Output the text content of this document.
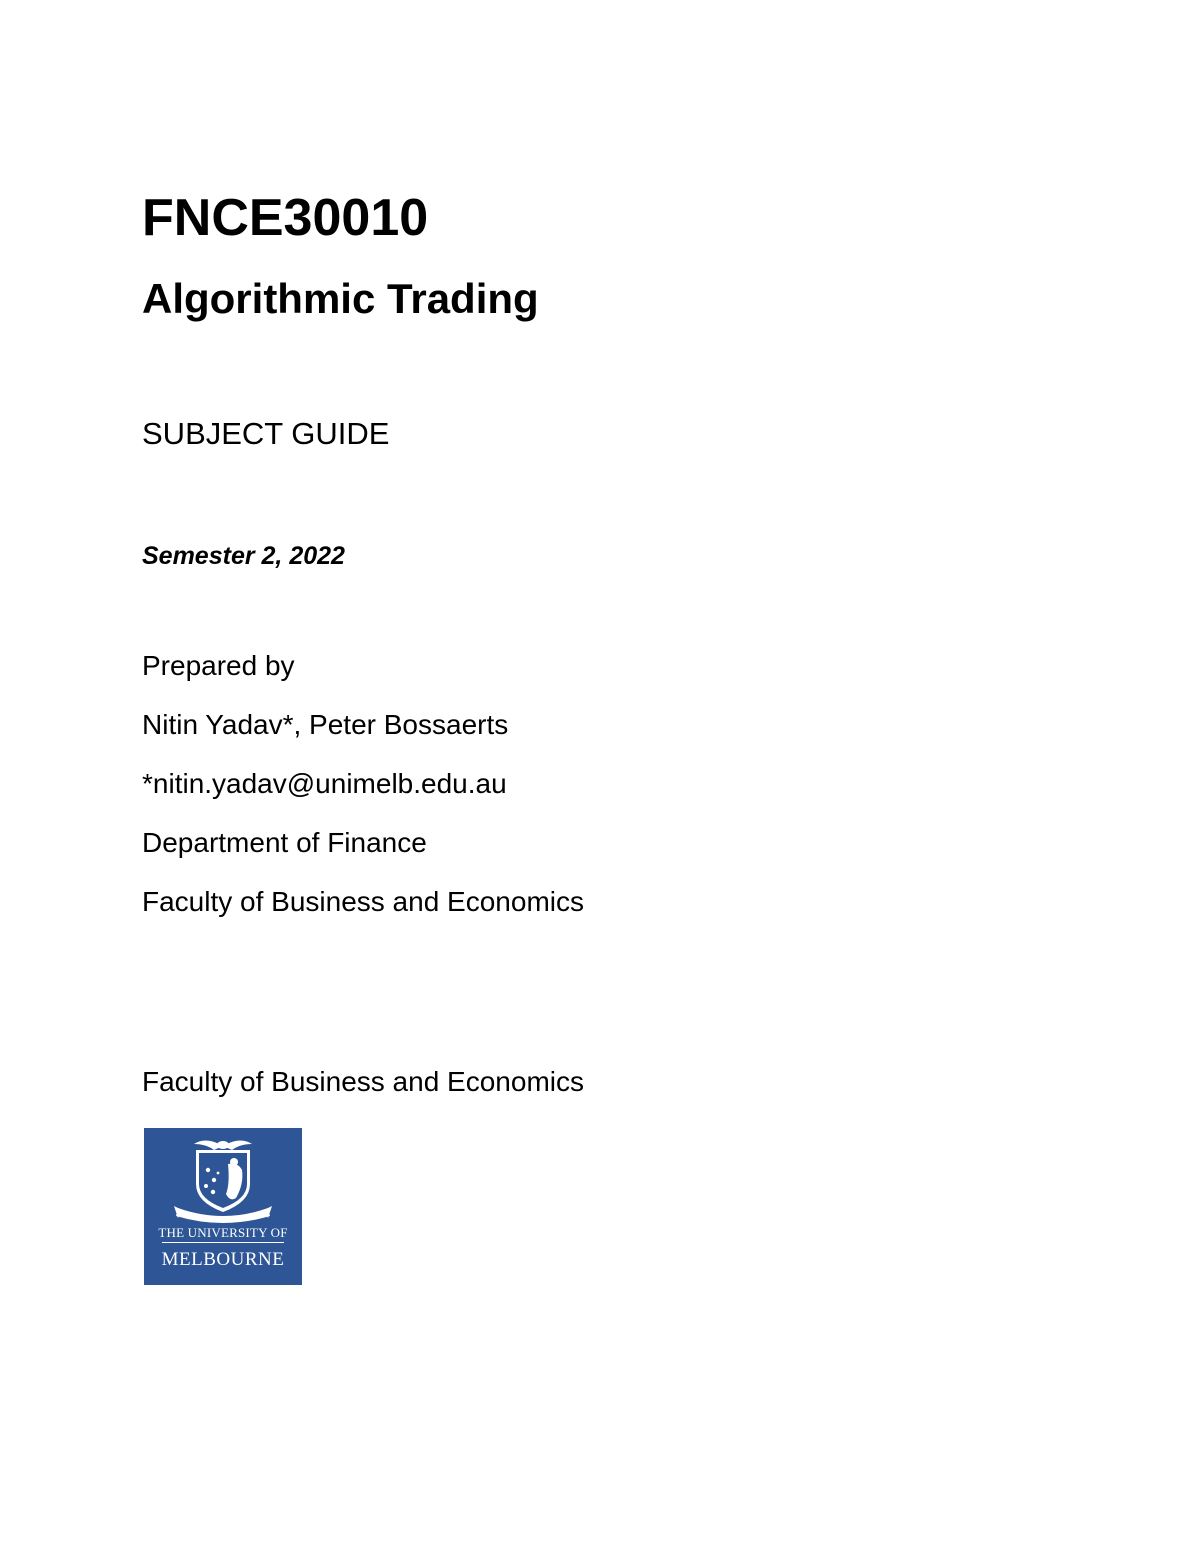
FNCE30010
Algorithmic Trading
SUBJECT GUIDE
Semester 2, 2022
Prepared by
Nitin Yadav*, Peter Bossaerts
*nitin.yadav@unimelb.edu.au
Department of Finance
Faculty of Business and Economics
Faculty of Business and Economics
THE UNIVERSITY OF
MELBOURNE
